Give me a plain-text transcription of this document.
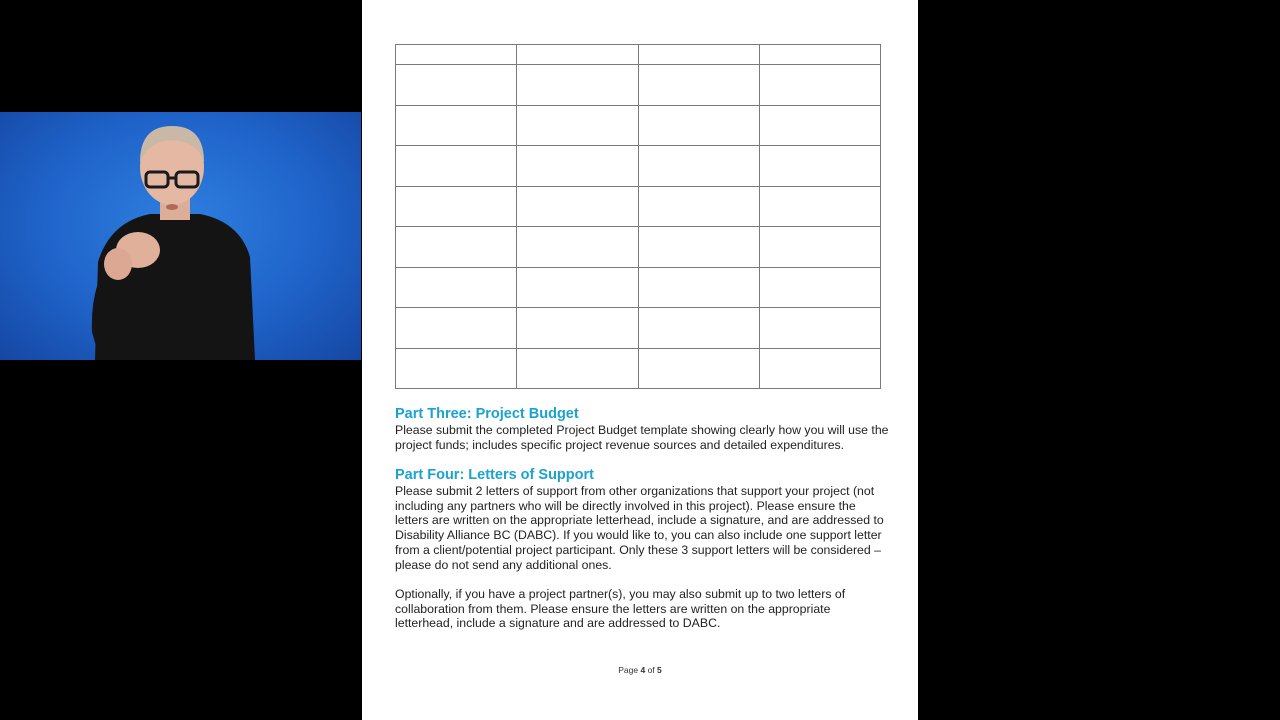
Part Three: Project Budget

Please submit the completed Project Budget template showing clearly how you will use the project funds; includes specific project revenue sources and detailed expenditures.

Part Four: Letters of Support

Please submit 2 letters of support from other organizations that support your project (not including any partners who will be directly involved in this project). Please ensure the letters are written on the appropriate letterhead, include a signature, and are addressed to Disability Alliance BC (DABC). If you would like to, you can also include one support letter from a client/potential project participant. Only these 3 support letters will be considered – please do not send any additional ones.

Optionally, if you have a project partner(s), you may also submit up to two letters of collaboration from them. Please ensure the letters are written on the appropriate letterhead, include a signature and are addressed to DABC.

Page 4 of 5
